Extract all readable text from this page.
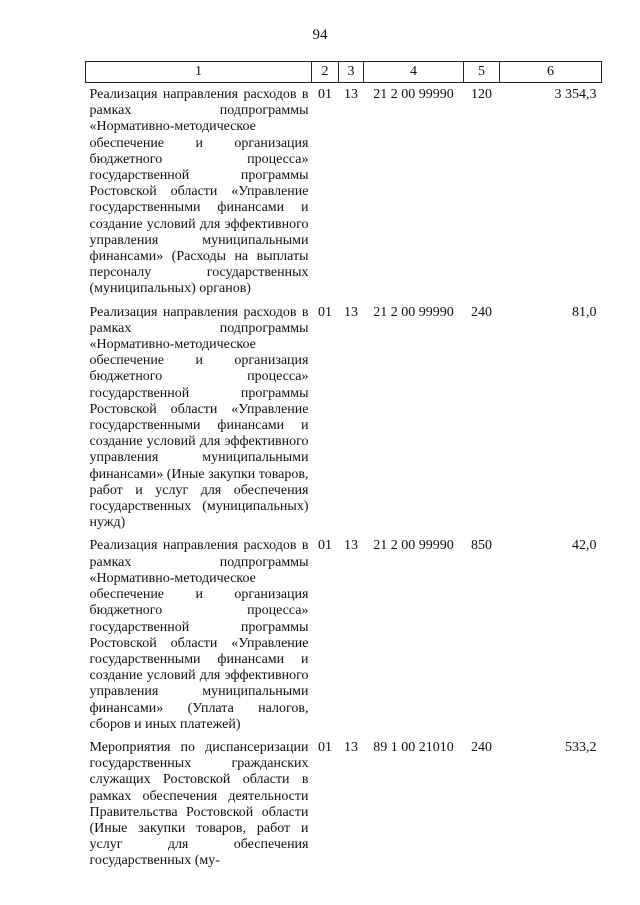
94
1	2	3	4	5	6
Реализация направления расходов в рамках подпрограммы «Нормативно-методическое обеспечение и организация бюджетного процесса» государственной программы Ростовской области «Управление государственными финансами и создание условий для эффективного управления муниципальными финансами» (Расходы на выплаты персоналу государственных (муниципальных) органов)	01	13	21 2 00 99990	120	3 354,3
Реализация направления расходов в рамках подпрограммы «Нормативно-методическое обеспечение и организация бюджетного процесса» государственной программы Ростовской области «Управление государственными финансами и создание условий для эффективного управления муниципальными финансами» (Иные закупки товаров, работ и услуг для обеспечения государственных (муниципальных) нужд)	01	13	21 2 00 99990	240	81,0
Реализация направления расходов в рамках подпрограммы «Нормативно-методическое обеспечение и организация бюджетного процесса» государственной программы Ростовской области «Управление государственными финансами и создание условий для эффективного управления муниципальными финансами» (Уплата налогов, сборов и иных платежей)	01	13	21 2 00 99990	850	42,0
Мероприятия по диспансеризации государственных гражданских служащих Ростовской области в рамках обеспечения деятельности Правительства Ростовской области (Иные закупки товаров, работ и услуг для обеспечения государственных (му-	01	13	89 1 00 21010	240	533,2
